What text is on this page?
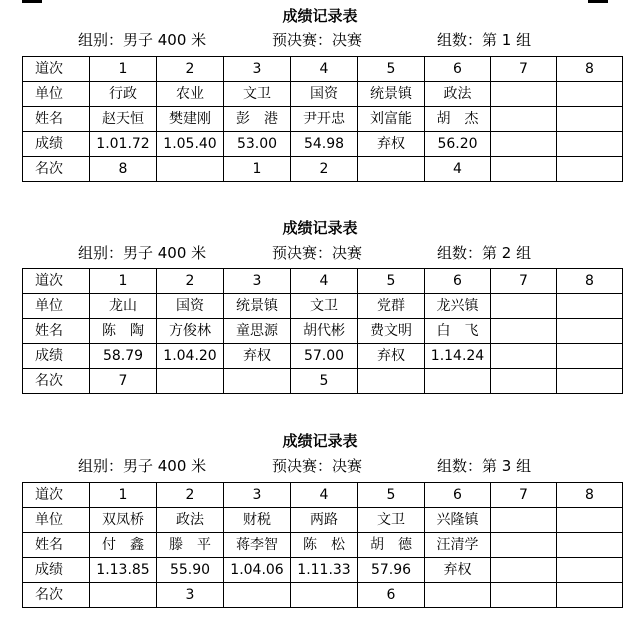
成绩记录表
组别：男子 400 米	预决赛：决赛	组数：第 1 组
道次	1	2	3	4	5	6	7	8
单位	行政	农业	文卫	国资	统景镇	政法		
姓名	赵天恒	樊建刚	彭　港	尹开忠	刘富能	胡　杰		
成绩	1.01.72	1.05.40	53.00	54.98	弃权	56.20		
名次	8		1	2		4		
成绩记录表
组别：男子 400 米	预决赛：决赛	组数：第 2 组
道次	1	2	3	4	5	6	7	8
单位	龙山	国资	统景镇	文卫	党群	龙兴镇		
姓名	陈　陶	方俊林	童思源	胡代彬	费文明	白　飞		
成绩	58.79	1.04.20	弃权	57.00	弃权	1.14.24		
名次	7			5				
成绩记录表
组别：男子 400 米	预决赛：决赛	组数：第 3 组
道次	1	2	3	4	5	6	7	8
单位	双凤桥	政法	财税	两路	文卫	兴隆镇		
姓名	付　鑫	滕　平	蒋李智	陈　松	胡　德	汪清学		
成绩	1.13.85	55.90	1.04.06	1.11.33	57.96	弃权		
名次		3			6			
